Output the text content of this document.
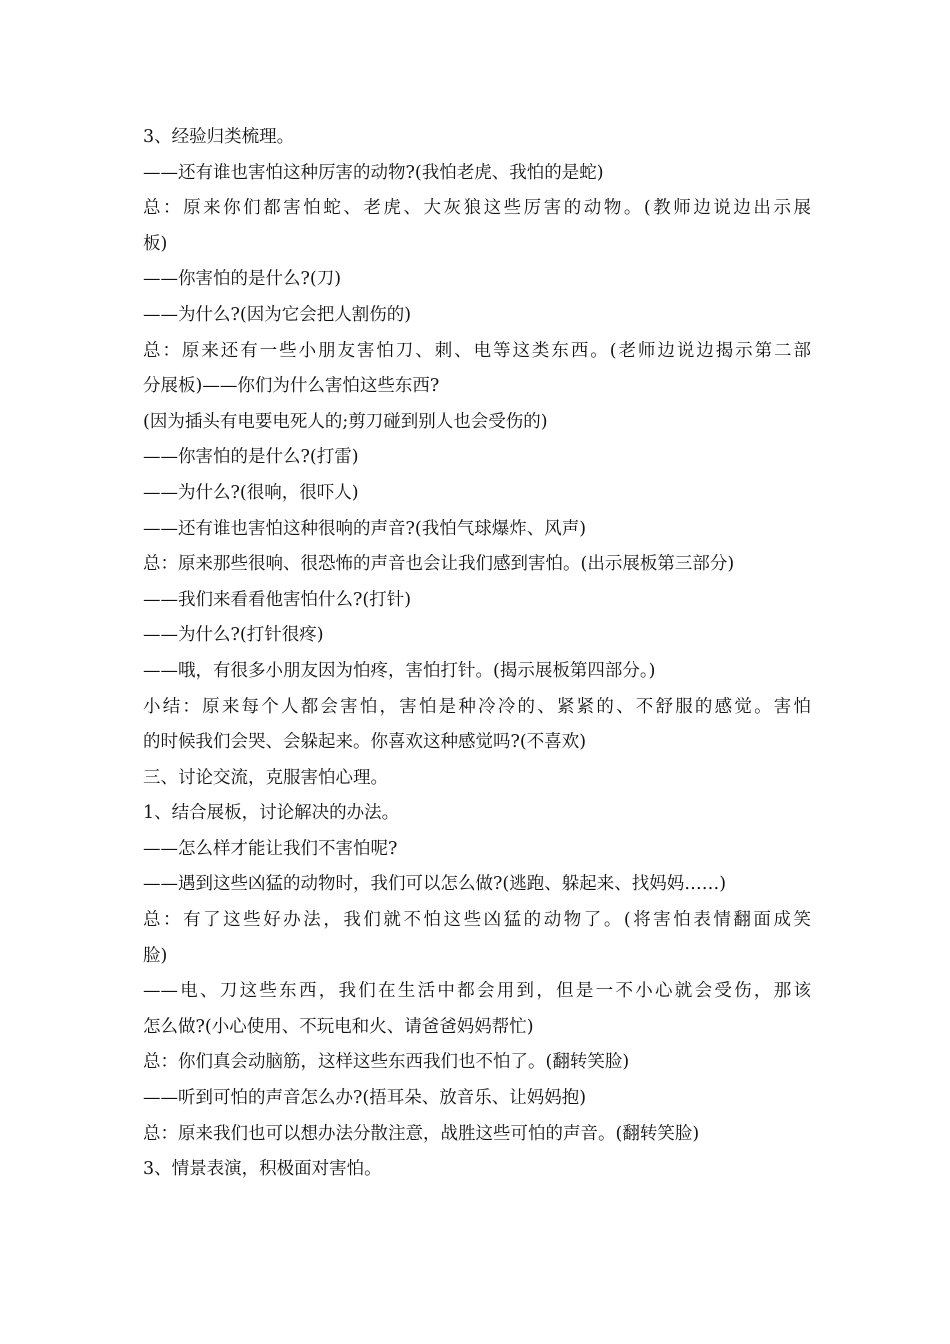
3、经验归类梳理。
——还有谁也害怕这种厉害的动物?(我怕老虎、我怕的是蛇)
总：原来你们都害怕蛇、老虎、大灰狼这些厉害的动物。(教师边说边出示展
板)
——你害怕的是什么?(刀)
——为什么?(因为它会把人割伤的)
总：原来还有一些小朋友害怕刀、刺、电等这类东西。(老师边说边揭示第二部
分展板)——你们为什么害怕这些东西?
(因为插头有电要电死人的;剪刀碰到别人也会受伤的)
——你害怕的是什么?(打雷)
——为什么?(很响，很吓人)
——还有谁也害怕这种很响的声音?(我怕气球爆炸、风声)
总：原来那些很响、很恐怖的声音也会让我们感到害怕。(出示展板第三部分)
——我们来看看他害怕什么?(打针)
——为什么?(打针很疼)
——哦，有很多小朋友因为怕疼，害怕打针。(揭示展板第四部分。)
小结：原来每个人都会害怕，害怕是种冷冷的、紧紧的、不舒服的感觉。害怕
的时候我们会哭、会躲起来。你喜欢这种感觉吗?(不喜欢)
三、讨论交流，克服害怕心理。
1、结合展板，讨论解决的办法。
——怎么样才能让我们不害怕呢?
——遇到这些凶猛的动物时，我们可以怎么做?(逃跑、躲起来、找妈妈……)
总：有了这些好办法，我们就不怕这些凶猛的动物了。(将害怕表情翻面成笑
脸)
——电、刀这些东西，我们在生活中都会用到，但是一不小心就会受伤，那该
怎么做?(小心使用、不玩电和火、请爸爸妈妈帮忙)
总：你们真会动脑筋，这样这些东西我们也不怕了。(翻转笑脸)
——听到可怕的声音怎么办?(捂耳朵、放音乐、让妈妈抱)
总：原来我们也可以想办法分散注意，战胜这些可怕的声音。(翻转笑脸)
3、情景表演，积极面对害怕。
